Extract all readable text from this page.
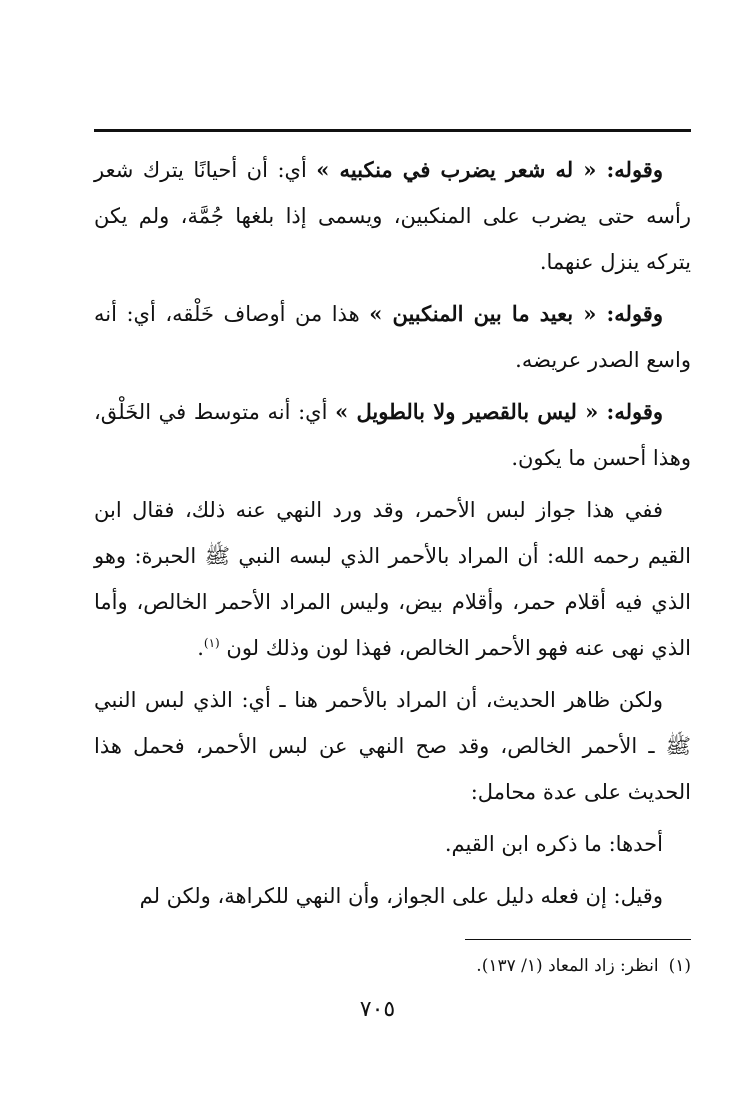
وقوله: « له شعر يضرب في منكبيه » أي: أن أحيانًا يترك شعر رأسه حتى يضرب على المنكبين، ويسمى إذا بلغها جُمَّة، ولم يكن يتركه ينزل عنهما.

وقوله: « بعيد ما بين المنكبين » هذا من أوصاف خَلْقه، أي: أنه واسع الصدر عريضه.

وقوله: « ليس بالقصير ولا بالطويل » أي: أنه متوسط في الخَلْق، وهذا أحسن ما يكون.

ففي هذا جواز لبس الأحمر، وقد ورد النهي عنه ذلك، فقال ابن القيم رحمه الله: أن المراد بالأحمر الذي لبسه النبي ﷺ الحبرة: وهو الذي فيه أقلام حمر، وأقلام بيض، وليس المراد الأحمر الخالص، وأما الذي نهى عنه فهو الأحمر الخالص، فهذا لون وذلك لون $^{(١)}$.

ولكن ظاهر الحديث، أن المراد بالأحمر هنا ـ أي: الذي لبس النبي ﷺ ـ الأحمر الخالص، وقد صح النهي عن لبس الأحمر، فحمل هذا الحديث على عدة محامل:

أحدها: ما ذكره ابن القيم.

وقيل: إن فعله دليل على الجواز، وأن النهي للكراهة، ولكن لم

(١)انظر: زاد المعاد (١/ ١٣٧).
٧٠٥
